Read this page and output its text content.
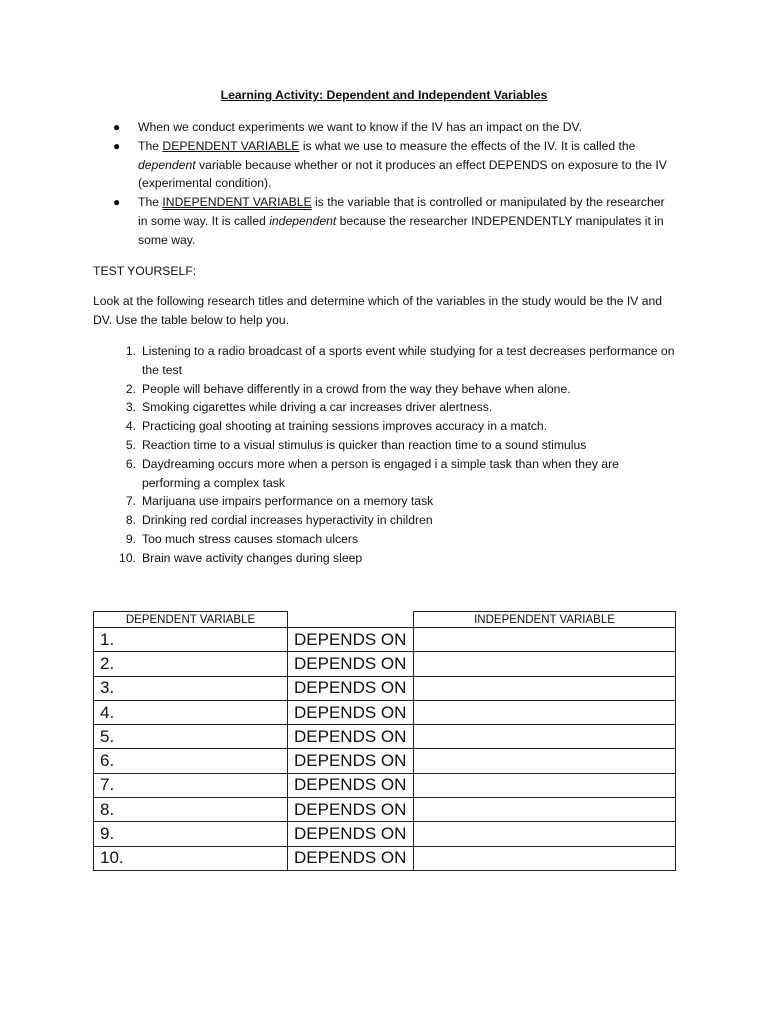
Learning Activity: Dependent and Independent Variables
● When we conduct experiments we want to know if the IV has an impact on the DV.
● The DEPENDENT VARIABLE is what we use to measure the effects of the IV. It is called the dependent variable because whether or not it produces an effect DEPENDS on exposure to the IV (experimental condition).
● The INDEPENDENT VARIABLE is the variable that is controlled or manipulated by the researcher in some way. It is called independent because the researcher INDEPENDENTLY manipulates it in some way.
TEST YOURSELF:
Look at the following research titles and determine which of the variables in the study would be the IV and DV. Use the table below to help you.
1. Listening to a radio broadcast of a sports event while studying for a test decreases performance on the test
2. People will behave differently in a crowd from the way they behave when alone.
3. Smoking cigarettes while driving a car increases driver alertness.
4. Practicing goal shooting at training sessions improves accuracy in a match.
5. Reaction time to a visual stimulus is quicker than reaction time to a sound stimulus
6. Daydreaming occurs more when a person is engaged i a simple task than when they are performing a complex task
7. Marijuana use impairs performance on a memory task
8. Drinking red cordial increases hyperactivity in children
9. Too much stress causes stomach ulcers
10. Brain wave activity changes during sleep
DEPENDENT VARIABLE		INDEPENDENT VARIABLE
1.	DEPENDS ON	
2.	DEPENDS ON	
3.	DEPENDS ON	
4.	DEPENDS ON	
5.	DEPENDS ON	
6.	DEPENDS ON	
7.	DEPENDS ON	
8.	DEPENDS ON	
9.	DEPENDS ON	
10.	DEPENDS ON	
